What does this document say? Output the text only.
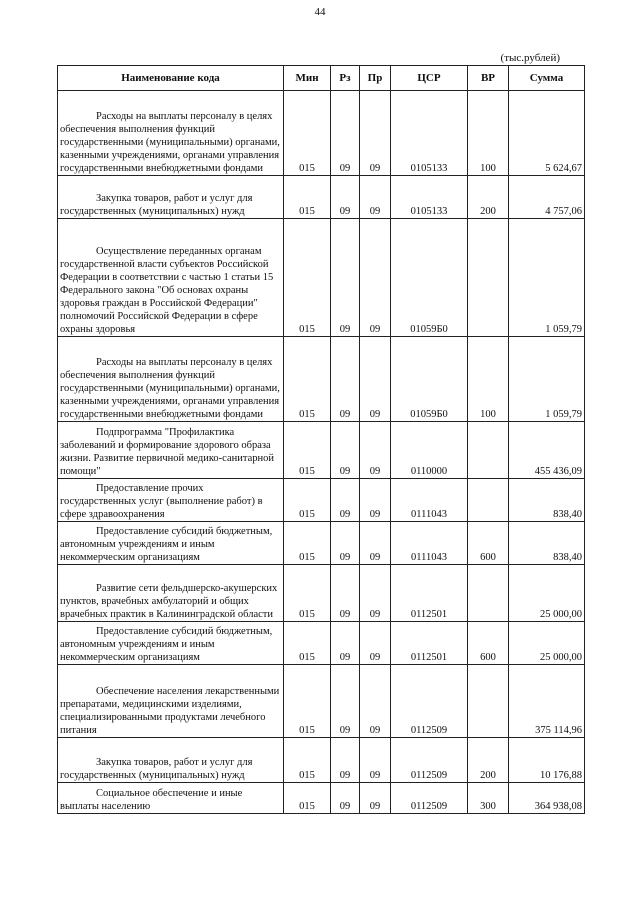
44
(тыс.рублей)
Наименование кода	Мин	Рз	Пр	ЦСР	ВР	Сумма
Расходы на выплаты персоналу в целях обеспечения выполнения функций государственными (муниципальными) органами, казенными учреждениями, органами управления государственными внебюджетными фондами	015	09	09	0105133	100	5 624,67
Закупка товаров, работ и услуг для государственных (муниципальных) нужд	015	09	09	0105133	200	4 757,06
Осуществление переданных органам государственной власти субъектов Российской Федерации в соответствии с частью 1 статьи 15 Федерального закона "Об основах охраны здоровья граждан в Российской Федерации" полномочий Российской Федерации в сфере охраны здоровья	015	09	09	01059Б0		1 059,79
Расходы на выплаты персоналу в целях обеспечения выполнения функций государственными (муниципальными) органами, казенными учреждениями, органами управления государственными внебюджетными фондами	015	09	09	01059Б0	100	1 059,79
Подпрограмма "Профилактика заболеваний и формирование здорового образа жизни. Развитие первичной медико-санитарной помощи"	015	09	09	0110000		455 436,09
Предоставление прочих государственных услуг (выполнение работ) в сфере здравоохранения	015	09	09	0111043		838,40
Предоставление субсидий бюджетным, автономным учреждениям и иным некоммерческим организациям	015	09	09	0111043	600	838,40
Развитие сети фельдшерско-акушерских пунктов, врачебных амбулаторий и общих врачебных практик в Калининградской области	015	09	09	0112501		25 000,00
Предоставление субсидий бюджетным, автономным учреждениям и иным некоммерческим организациям	015	09	09	0112501	600	25 000,00
Обеспечение населения лекарственными препаратами, медицинскими изделиями, специализированными продуктами лечебного питания	015	09	09	0112509		375 114,96
Закупка товаров, работ и услуг для государственных (муниципальных) нужд	015	09	09	0112509	200	10 176,88
Социальное обеспечение и иные выплаты населению	015	09	09	0112509	300	364 938,08
